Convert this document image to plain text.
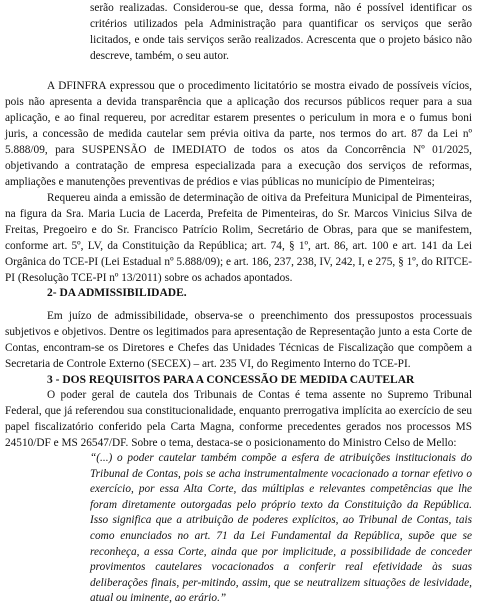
serão realizadas. Considerou-se que, dessa forma, não é possível identificar os critérios utilizados pela Administração para quantificar os serviços que serão licitados, e onde tais serviços serão realizados. Acrescenta que o projeto básico não descreve, também, o seu autor.

A DFINFRA expressou que o procedimento licitatório se mostra eivado de possíveis vícios, pois não apresenta a devida transparência que a aplicação dos recursos públicos requer para a sua aplicação, e ao final requereu, por acreditar estarem presentes o periculum in mora e o fumus boni juris, a concessão de medida cautelar sem prévia oitiva da parte, nos termos do art. 87 da Lei nº 5.888/09, para SUSPENSÃO de IMEDIATO de todos os atos da Concorrência Nº 01/2025, objetivando a contratação de empresa especializada para a execução dos serviços de reformas, ampliações e manutenções preventivas de prédios e vias públicas no município de Pimenteiras;

Requereu ainda a emissão de determinação de oitiva da Prefeitura Municipal de Pimenteiras, na figura da Sra. Maria Lucia de Lacerda, Prefeita de Pimenteiras, do Sr. Marcos Vinicius Silva de Freitas, Pregoeiro e do Sr. Francisco Patrício Rolim, Secretário de Obras, para que se manifestem, conforme art. 5º, LV, da Constituição da República; art. 74, § 1º, art. 86, art. 100 e art. 141 da Lei Orgânica do TCE-PI (Lei Estadual nº 5.888/09); e art. 186, 237, 238, IV, 242, I, e 275, § 1º, do RITCE-PI (Resolução TCE-PI nº 13/2011) sobre os achados apontados.

2- DA ADMISSIBILIDADE.

Em juízo de admissibilidade, observa-se o preenchimento dos pressupostos processuais subjetivos e objetivos. Dentre os legitimados para apresentação de Representação junto a esta Corte de Contas, encontram-se os Diretores e Chefes das Unidades Técnicas de Fiscalização que compõem a Secretaria de Controle Externo (SECEX) – art. 235 VI, do Regimento Interno do TCE-PI.

3 - DOS REQUISITOS PARA A CONCESSÃO DE MEDIDA CAUTELAR

O poder geral de cautela dos Tribunais de Contas é tema assente no Supremo Tribunal Federal, que já referendou sua constitucionalidade, enquanto prerrogativa implícita ao exercício de seu papel fiscalizatório conferido pela Carta Magna, conforme precedentes gerados nos processos MS 24510/DF e MS 26547/DF. Sobre o tema, destaca-se o posicionamento do Ministro Celso de Mello:

“(...) o poder cautelar também compõe a esfera de atribuições institucionais do Tribunal de Contas, pois se acha instrumentalmente vocacionado a tornar efetivo o exercício, por essa Alta Corte, das múltiplas e relevantes competências que lhe foram diretamente outorgadas pelo próprio texto da Constituição da República. Isso significa que a atribuição de poderes explícitos, ao Tribunal de Contas, tais como enunciados no art. 71 da Lei Fundamental da República, supõe que se reconheça, a essa Corte, ainda que por implicitude, a possibilidade de conceder provimentos cautelares vocacionados a conferir real efetividade às suas deliberações finais, per-mitindo, assim, que se neutralizem situações de lesividade, atual ou iminente, ao erário.”
